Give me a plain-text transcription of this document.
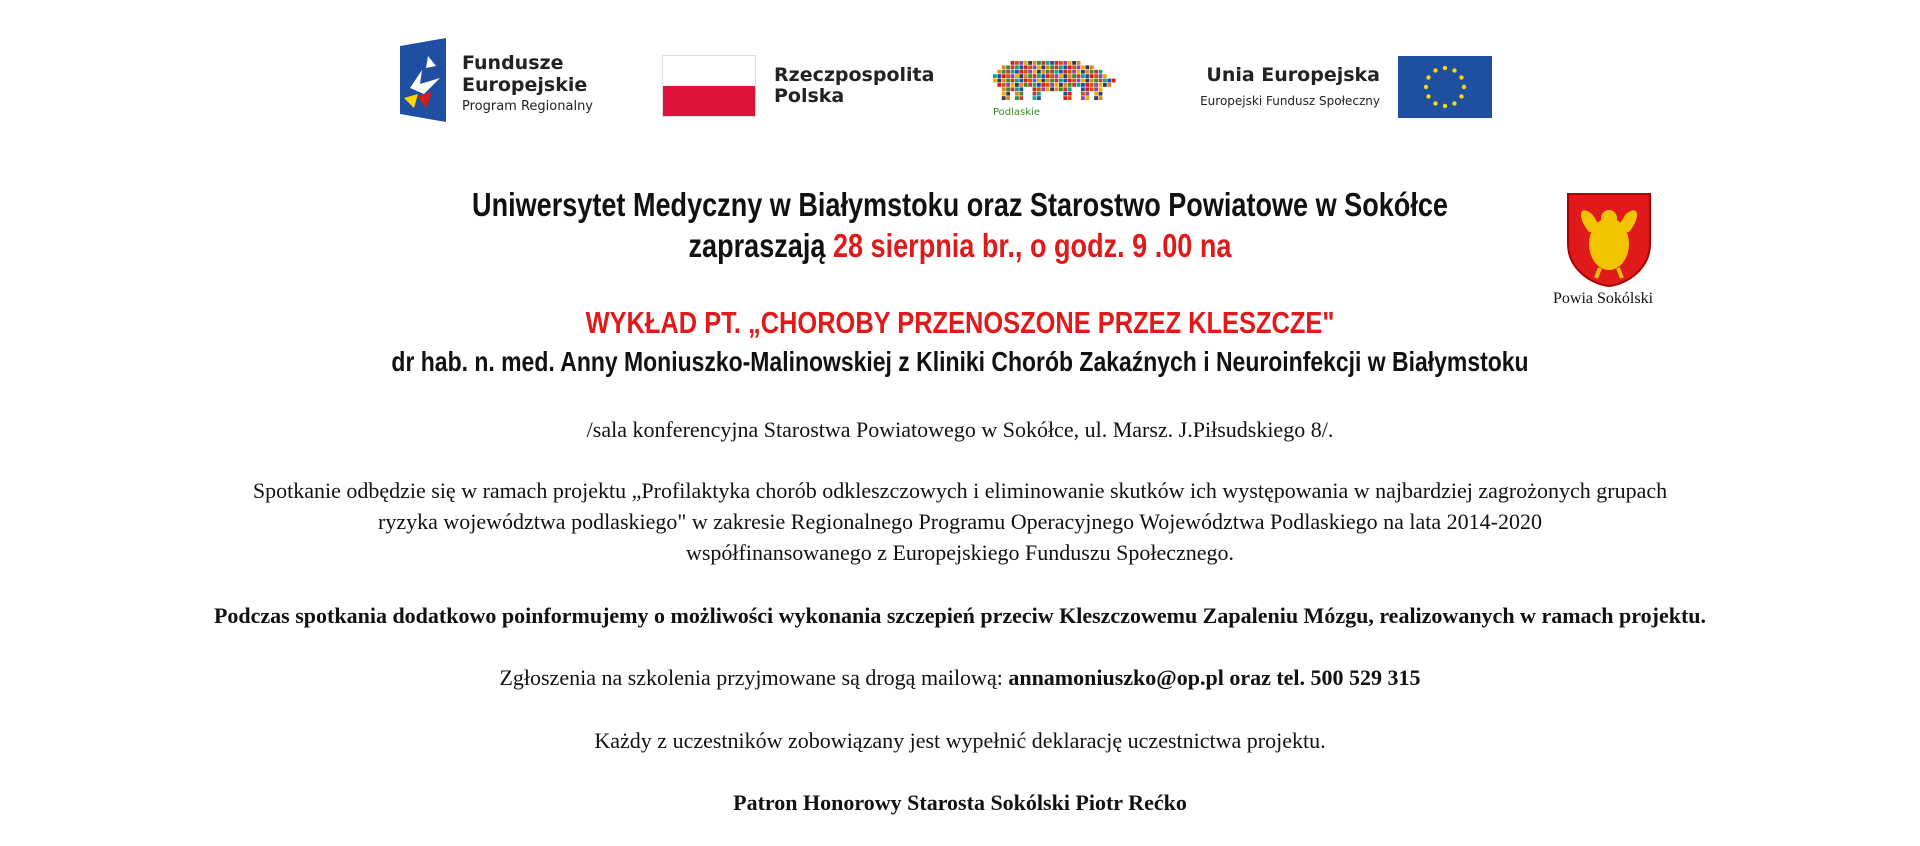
Fundusze
Europejskie
Program Regionalny
Rzeczpospolita
Polska
Podlaskie
Unia Europejska
Europejski Fundusz Społeczny
Powia Sokólski
Uniwersytet Medyczny w Białymstoku oraz Starostwo Powiatowe w Sokółce
zapraszają 28 sierpnia br., o godz. 9 .00 na
WYKŁAD PT. „CHOROBY PRZENOSZONE PRZEZ KLESZCZE"
dr hab. n. med. Anny Moniuszko-Malinowskiej z Kliniki Chorób Zakaźnych i Neuroinfekcji w Białymstoku
/sala konferencyjna Starostwa Powiatowego w Sokółce, ul. Marsz. J.Piłsudskiego 8/.
Spotkanie odbędzie się w ramach projektu „Profilaktyka chorób odkleszczowych i eliminowanie skutków ich występowania w najbardziej zagrożonych grupach
ryzyka województwa podlaskiego" w zakresie Regionalnego Programu Operacyjnego Województwa Podlaskiego na lata 2014-2020
współfinansowanego z Europejskiego Funduszu Społecznego.
Podczas spotkania dodatkowo poinformujemy o możliwości wykonania szczepień przeciw Kleszczowemu Zapaleniu Mózgu, realizowanych w ramach projektu.
Zgłoszenia na szkolenia przyjmowane są drogą mailową: annamoniuszko@op.pl oraz tel. 500 529 315
Każdy z uczestników zobowiązany jest wypełnić deklarację uczestnictwa projektu.
Patron Honorowy Starosta Sokólski Piotr Rećko
